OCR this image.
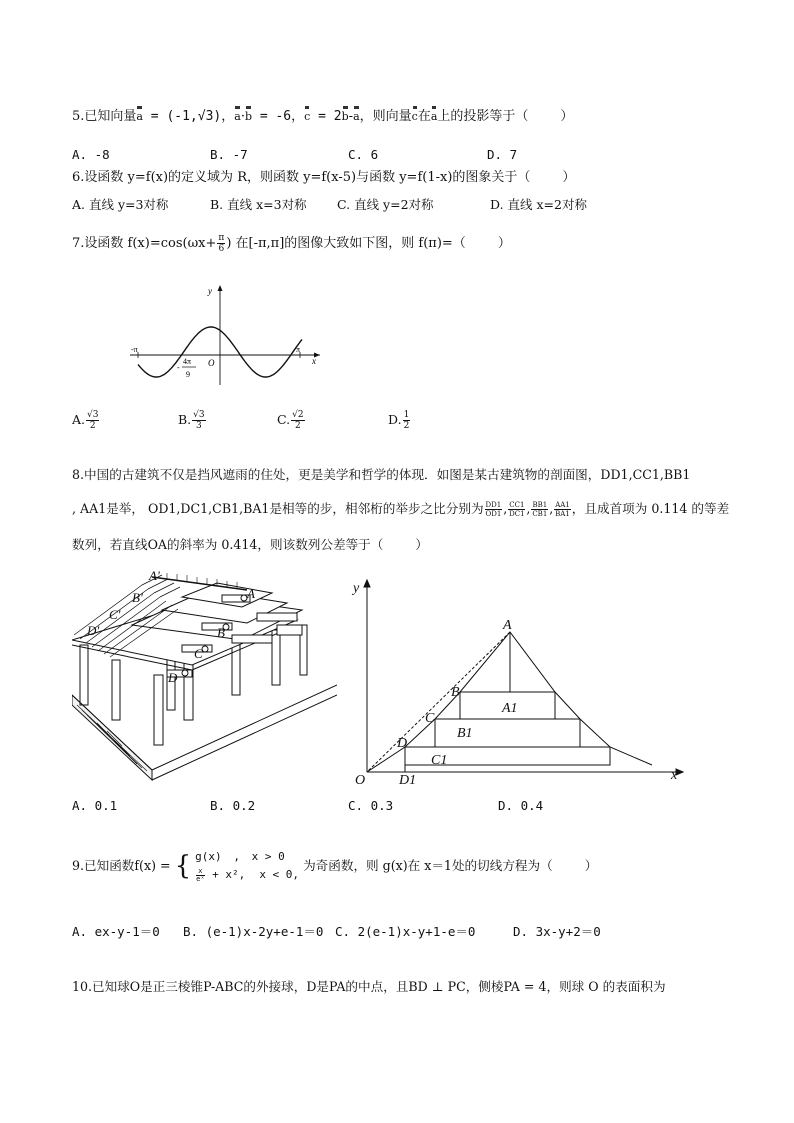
5.已知向量a = (-1,√3)，a·b = -6，c = 2b-a，则向量c在a上的投影等于（ ）
A. -8	B. -7	C. 6	D. 7
6.设函数 y=f(x)的定义域为 R，则函数 y=f(x-5)与函数 y=f(1-x)的图象关于（ ）
A. 直线 y=3对称	B. 直线 x=3对称 C. 直线 y=2对称	D. 直线 x=2对称
7.设函数 $f(x)=\cos(\omega x+ \frac{\pi}{6}$ ) 在[-π,π]的图像大致如下图，则 f(π)=（ ）
y
x
O
-π	π
-
4π
9
A. $\frac{√3}{2}$	B. $\frac{√3}{3}$	C. $\frac{√2}{2}$	D. $\frac{1}{2}$
8.中国的古建筑不仅是挡风遮雨的住处，更是美学和哲学的体现．如图是某古建筑物的剖面图，DD1,CC1,BB1
, AA1是举， OD1,DC1,CB1,BA1是相等的步，相邻桁的举步之比分别为 $\frac{DD1}{OD1}$ , $\frac{CC1}{DC1}$ , $\frac{BB1}{CB1}$ , $\frac{AA1}{BA1}$ ，且成首项为 0.114 的等差
数列，若直线OA的斜率为 0.414，则该数列公差等于（	）
A'
A
B'
B
C'
C
D'
D
y
x
O
A
B
C
D
A1
B1
C1
D1
A. 0.1	B. 0.2	C. 0.3	D. 0.4
9.已知函数f(x) = { g(x) , x > 0
$\frac{x}{\text{eˣ}} + x^2$, x < 0,
为奇函数，则 g(x)在 x＝1处的切线方程为（	）
A. ex-y-1＝0 B. (e-1)x-2y+e-1＝0 C. 2(e-1)x-y+1-e＝0	D. 3x-y+2＝0
10.已知球O是正三棱锥P-ABC的外接球，D是PA的中点，且BD ⊥ PC，侧棱PA = 4，则球 O 的表面积为
